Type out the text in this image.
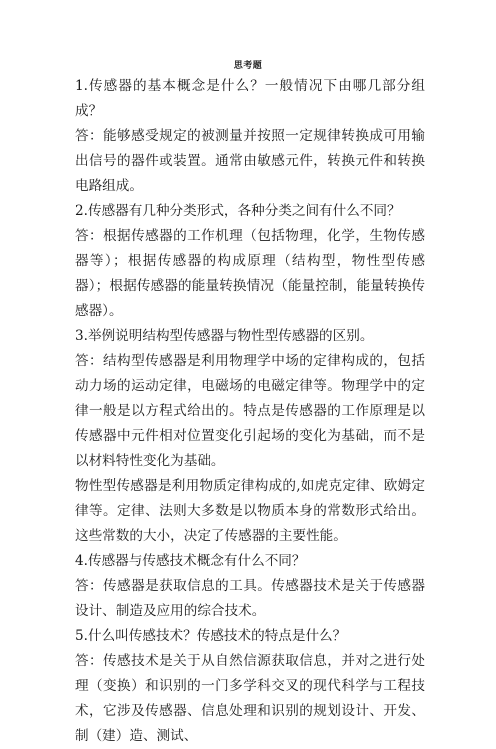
思考题

1.传感器的基本概念是什么？一般情况下由哪几部分组成？

答：能够感受规定的被测量并按照一定规律转换成可用输出信号的器件或装置。通常由敏感元件，转换元件和转换电路组成。

2.传感器有几种分类形式，各种分类之间有什么不同？

答：根据传感器的工作机理（包括物理，化学，生物传感器等）；根据传感器的构成原理（结构型，物性型传感器）；根据传感器的能量转换情况（能量控制，能量转换传感器）。

3.举例说明结构型传感器与物性型传感器的区别。

答：结构型传感器是利用物理学中场的定律构成的，包括动力场的运动定律，电磁场的电磁定律等。物理学中的定律一般是以方程式给出的。特点是传感器的工作原理是以传感器中元件相对位置变化引起场的变化为基础，而不是以材料特性变化为基础。

物性型传感器是利用物质定律构成的,如虎克定律、欧姆定律等。定律、法则大多数是以物质本身的常数形式给出。这些常数的大小，决定了传感器的主要性能。

4.传感器与传感技术概念有什么不同？

答：传感器是获取信息的工具。传感器技术是关于传感器设计、制造及应用的综合技术。

5.什么叫传感技术？传感技术的特点是什么？

答：传感技术是关于从自然信源获取信息，并对之进行处理（变换）和识别的一门多学科交叉的现代科学与工程技术，它涉及传感器、信息处理和识别的规划设计、开发、制（建）造、测试、
